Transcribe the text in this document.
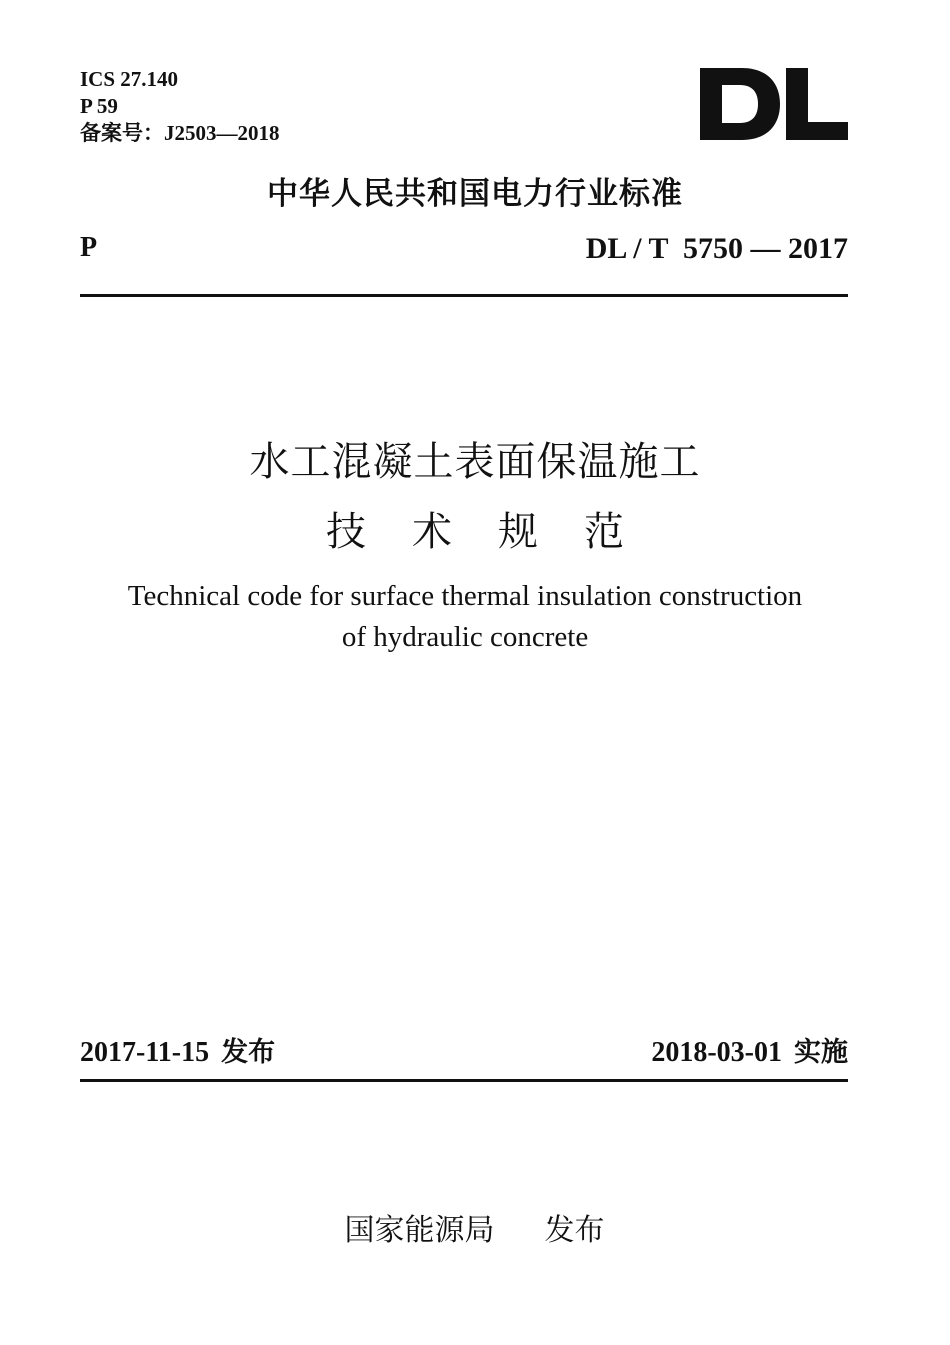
ICS 27.140
P 59
备案号：J2503—2018
中华人民共和国电力行业标准
P	DL / T  5750 — 2017
水工混凝土表面保温施工
技术规范
Technical code for surface thermal insulation construction
of hydraulic concrete
2017-11-15 发布	2018-03-01 实施

国家能源局 发布
